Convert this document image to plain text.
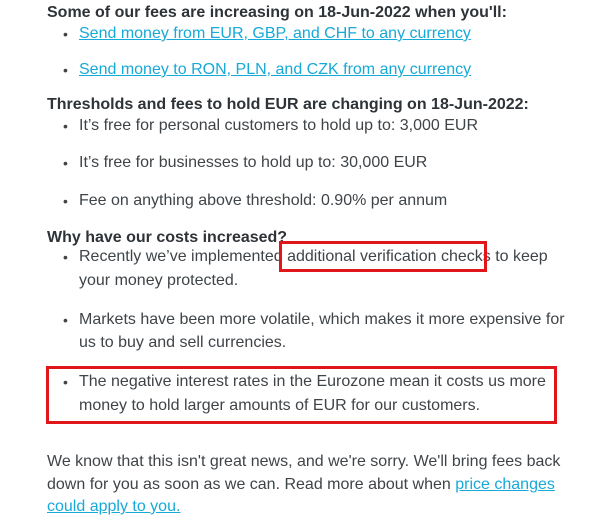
Some of our fees are increasing on 18-Jun-2022 when you'll:
• Send money from EUR, GBP, and CHF to any currency
• Send money to RON, PLN, and CZK from any currency
Thresholds and fees to hold EUR are changing on 18-Jun-2022:
• It’s free for personal customers to hold up to: 3,000 EUR
• It’s free for businesses to hold up to: 30,000 EUR
• Fee on anything above threshold: 0.90% per annum
Why have our costs increased?
• Recently we’ve implemented additional verification checks to keep
your money protected.
• Markets have been more volatile, which makes it more expensive for
us to buy and sell currencies.
• The negative interest rates in the Eurozone mean it costs us more
money to hold larger amounts of EUR for our customers.
We know that this isn't great news, and we're sorry. We'll bring fees back
down for you as soon as we can. Read more about when price changes
could apply to you.
